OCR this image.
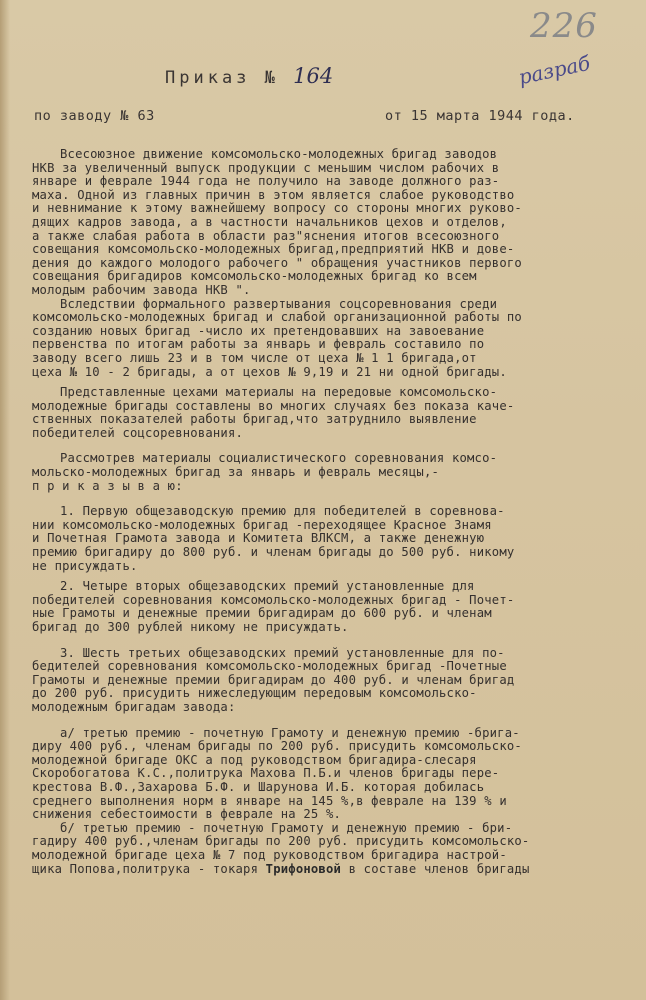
226
разраб
Приказ № 164
по заводу № 63	от 15 марта 1944 года.
Всесоюзное движение комсомольско-молодежных бригад заводов
НКВ за увеличенный выпуск продукции с меньшим числом рабочих в
январе и феврале 1944 года не получило на заводе должного раз-
маха. Одной из главных причин в этом является слабое руководство
и невнимание к этому важнейшему вопросу со стороны многих руково-
дящих кадров завода, а в частности начальников цехов и отделов,
а также слабая работа в области раз"яснения итогов всесоюзного
совещания комсомольско-молодежных бригад,предприятий НКВ и дове-
дения до каждого молодого рабочего " обращения участников первого
совещания бригадиров комсомольско-молодежных бригад ко всем
молодым рабочим завода НКВ ".
Вследствии формального развертывания соцсоревнования среди
комсомольско-молодежных бригад и слабой организационной работы по
созданию новых бригад -число их претендовавших на завоевание
первенства по итогам работы за январь и февраль составило по
заводу всего лишь 23 и в том числе от цеха № 1 1 бригада,от
цеха № 10 - 2 бригады, а от цехов № 9,19 и 21 ни одной бригады.
Представленные цехами материалы на передовые комсомольско-
молодежные бригады составлены во многих случаях без показа каче-
ственных показателей работы бригад,что затруднило выявление
победителей соцсоревнования.
Рассмотрев материалы социалистического соревнования комсо-
мольско-молодежных бригад за январь и февраль месяцы,-
п р и к а з ы в а ю:
1. Первую общезаводскую премию для победителей в соревнова-
нии комсомольско-молодежных бригад -переходящее Красное Знамя
и Почетная Грамота завода и Комитета ВЛКСМ, а также денежную
премию бригадиру до 800 руб. и членам бригады до 500 руб. никому
не присуждать.
2. Четыре вторых общезаводских премий установленные для
победителей соревнования комсомольско-молодежных бригад - Почет-
ные Грамоты и денежные премии бригадирам до 600 руб. и членам
бригад до 300 рублей никому не присуждать.
3. Шесть третьих общезаводских премий установленные для по-
бедителей соревнования комсомольско-молодежных бригад -Почетные
Грамоты и денежные премии бригадирам до 400 руб. и членам бригад
до 200 руб. присудить нижеследующим передовым комсомольско-
молодежным бригадам завода:
а/ третью премию - почетную Грамоту и денежную премию -брига-
диру 400 руб., членам бригады по 200 руб. присудить комсомольско-
молодежной бригаде ОКС а под руководством бригадира-слесаря
Скоробогатова К.С.,политрука Махова П.Б.и членов бригады пере-
крестова В.Ф.,Захарова Б.Ф. и Шарунова И.Б. которая добилась
среднего выполнения норм в январе на 145 %,в феврале на 139 % и
снижения себестоимости в феврале на 25 %.
б/ третью премию - почетную Грамоту и денежную премию - бри-
гадиру 400 руб.,членам бригады по 200 руб. присудить комсомольско-
молодежной бригаде цеха № 7 под руководством бригадира настрой-
щика Попова,политрука - токаря Трифоновой в составе членов бригады
